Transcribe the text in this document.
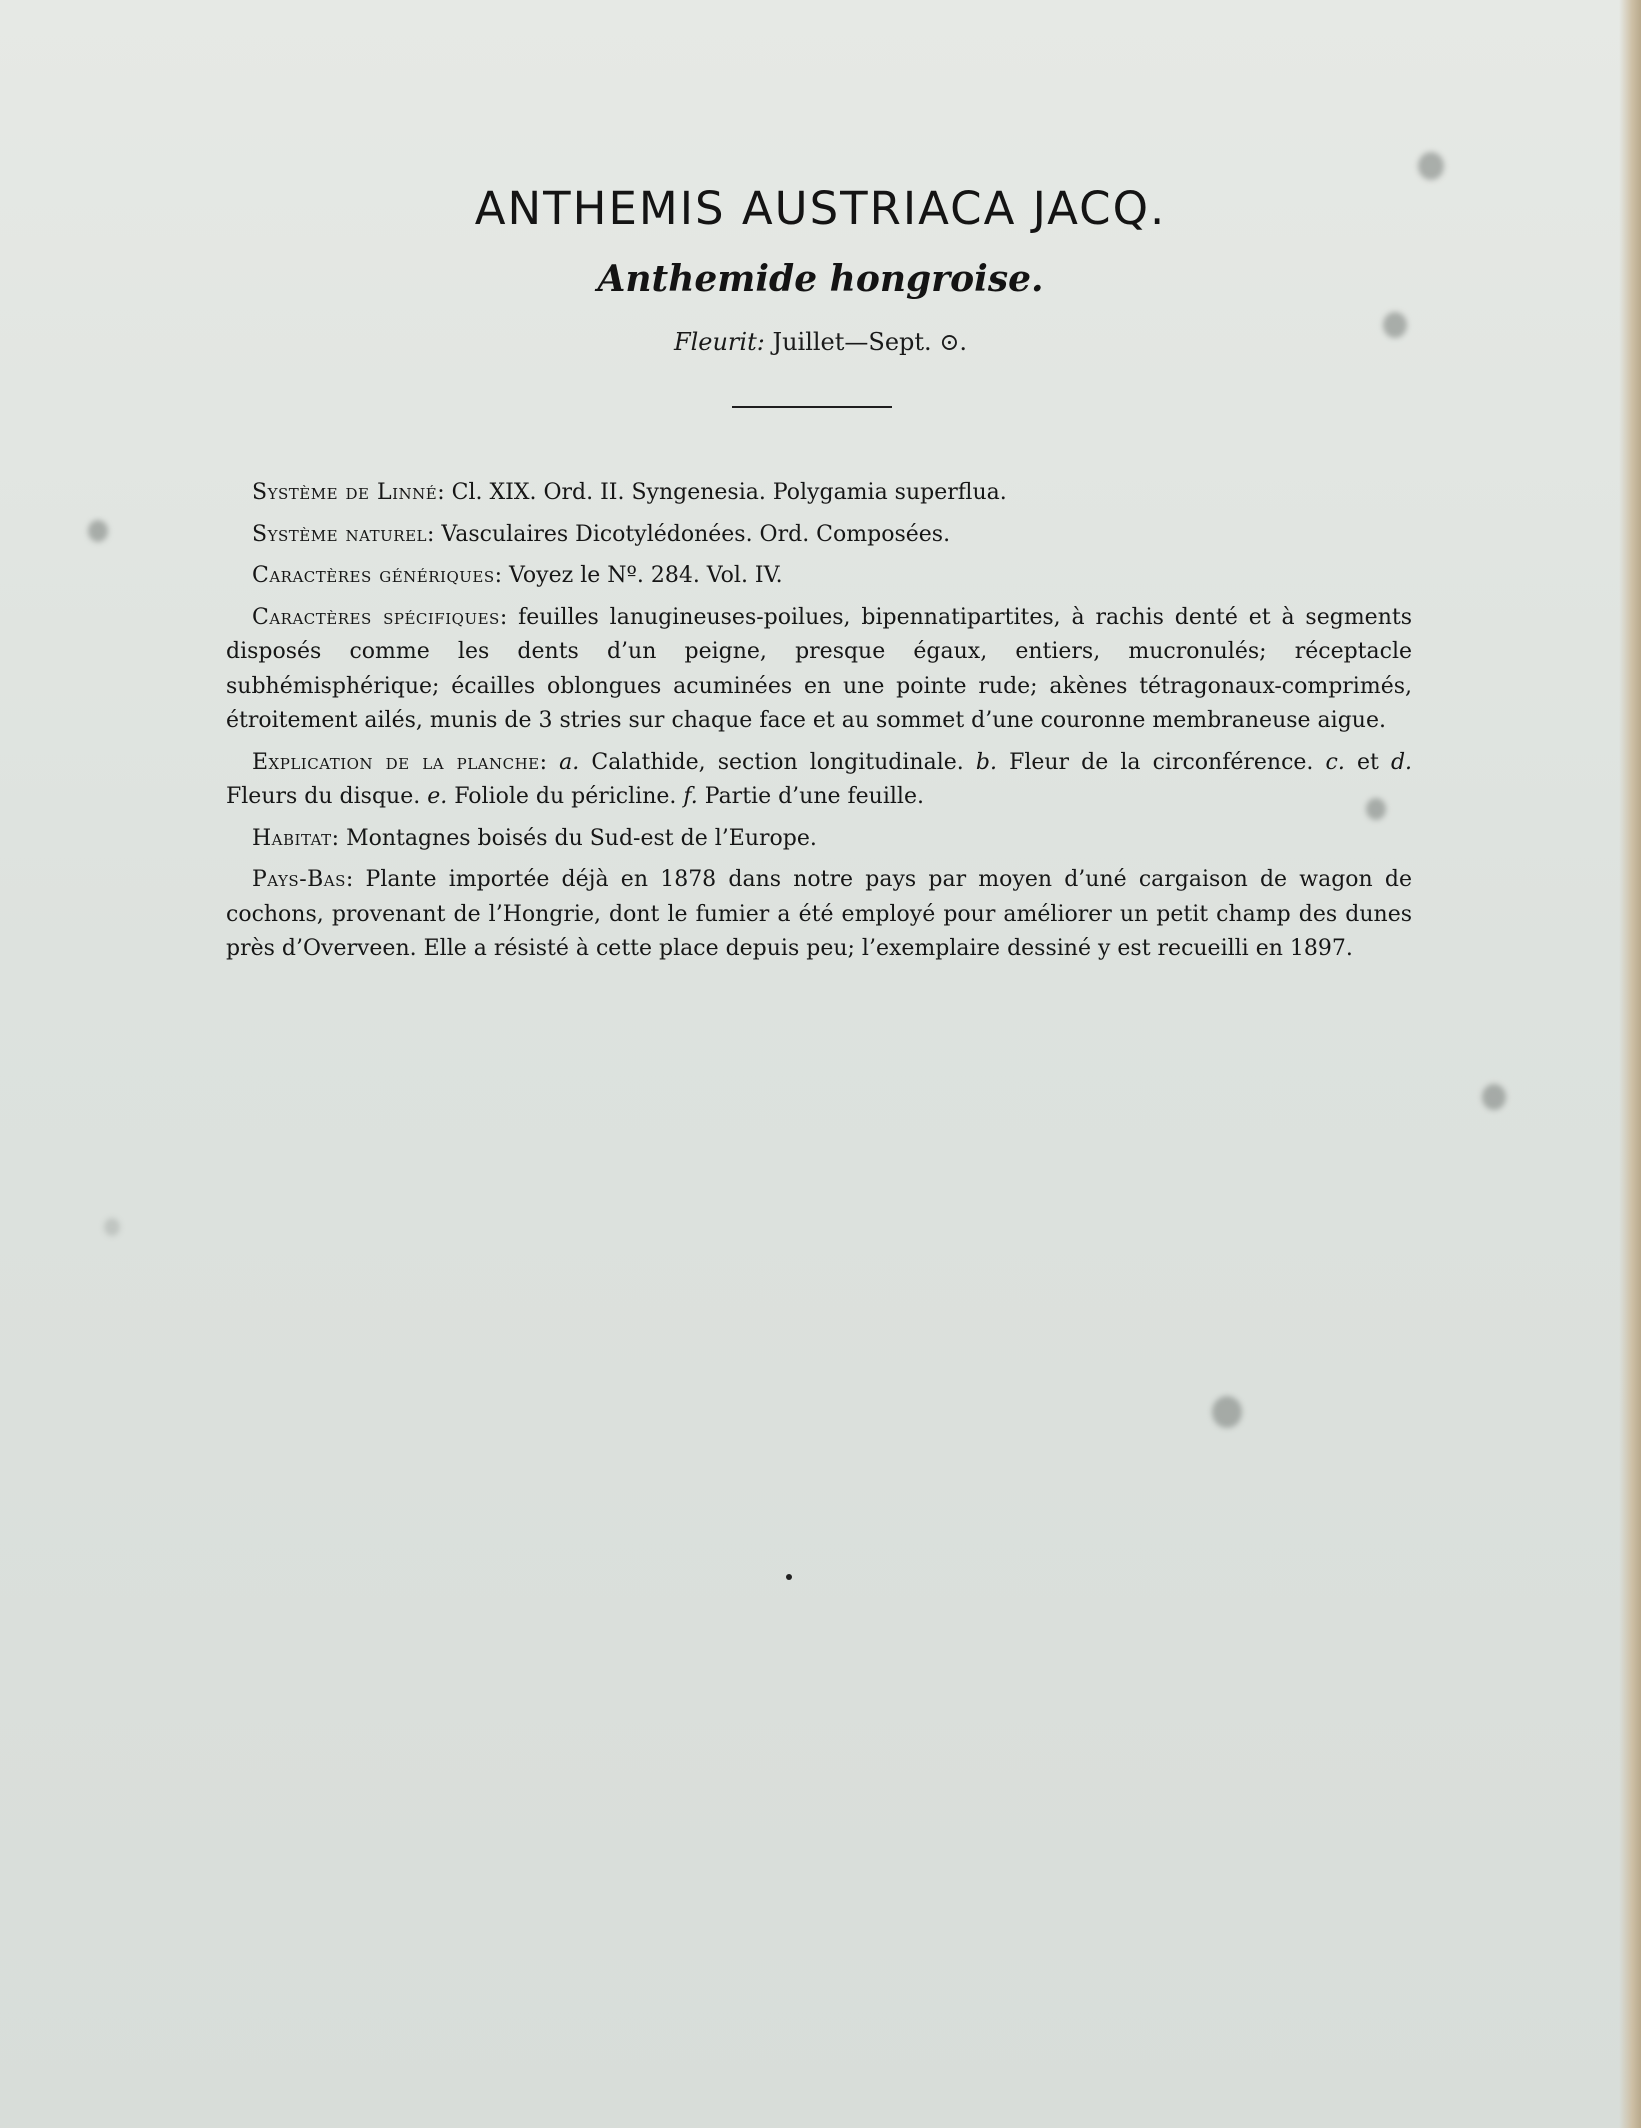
ANTHEMIS AUSTRIACA JACQ.
Anthemide hongroise.
Fleurit: Juillet—Sept. ⊙.

Système de Linné: Cl. XIX. Ord. II. Syngenesia. Polygamia superflua.

Système naturel: Vasculaires Dicotylédonées. Ord. Composées.

Caractères génériques: Voyez le Nº. 284. Vol. IV.

Caractères spécifiques: feuilles lanugineuses-poilues, bipennatipartites, à rachis denté et à segments disposés comme les dents d’un peigne, presque égaux, entiers, mucronulés; réceptacle subhémisphérique; écailles oblongues acuminées en une pointe rude; akènes tétragonaux-comprimés, étroitement ailés, munis de 3 stries sur chaque face et au sommet d’une couronne membraneuse aigue.

Explication de la planche: a. Calathide, section longitudinale. b. Fleur de la circonférence. c. et d. Fleurs du disque. e. Foliole du péricline. f. Partie d’une feuille.

Habitat: Montagnes boisés du Sud-est de l’Europe.

Pays-Bas: Plante importée déjà en 1878 dans notre pays par moyen d’uné cargaison de wagon de cochons, provenant de l’Hongrie, dont le fumier a été employé pour améliorer un petit champ des dunes près d’Overveen. Elle a résisté à cette place depuis peu; l’exemplaire dessiné y est recueilli en 1897.
